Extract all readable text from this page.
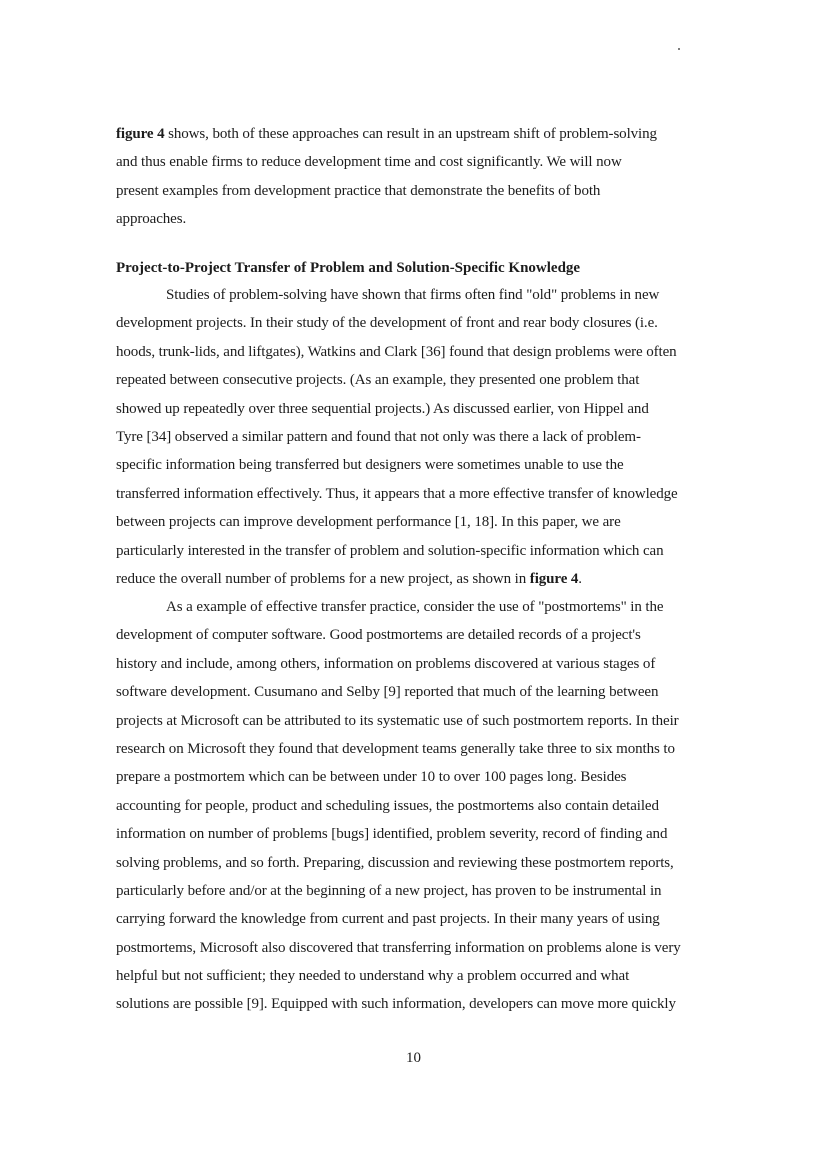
figure 4 shows, both of these approaches can result in an upstream shift of problem-solving
and thus enable firms to reduce development time and cost significantly. We will now
present examples from development practice that demonstrate the benefits of both
approaches.
Project-to-Project Transfer of Problem and Solution-Specific Knowledge
Studies of problem-solving have shown that firms often find "old" problems in new
development projects. In their study of the development of front and rear body closures (i.e.
hoods, trunk-lids, and liftgates), Watkins and Clark [36] found that design problems were often
repeated between consecutive projects. (As an example, they presented one problem that
showed up repeatedly over three sequential projects.) As discussed earlier, von Hippel and
Tyre [34] observed a similar pattern and found that not only was there a lack of problem-
specific information being transferred but designers were sometimes unable to use the
transferred information effectively. Thus, it appears that a more effective transfer of knowledge
between projects can improve development performance [1, 18]. In this paper, we are
particularly interested in the transfer of problem and solution-specific information which can
reduce the overall number of problems for a new project, as shown in figure 4.
As a example of effective transfer practice, consider the use of "postmortems" in the
development of computer software. Good postmortems are detailed records of a project's
history and include, among others, information on problems discovered at various stages of
software development. Cusumano and Selby [9] reported that much of the learning between
projects at Microsoft can be attributed to its systematic use of such postmortem reports. In their
research on Microsoft they found that development teams generally take three to six months to
prepare a postmortem which can be between under 10 to over 100 pages long. Besides
accounting for people, product and scheduling issues, the postmortems also contain detailed
information on number of problems [bugs] identified, problem severity, record of finding and
solving problems, and so forth. Preparing, discussion and reviewing these postmortem reports,
particularly before and/or at the beginning of a new project, has proven to be instrumental in
carrying forward the knowledge from current and past projects. In their many years of using
postmortems, Microsoft also discovered that transferring information on problems alone is very
helpful but not sufficient; they needed to understand why a problem occurred and what
solutions are possible [9]. Equipped with such information, developers can move more quickly
10
